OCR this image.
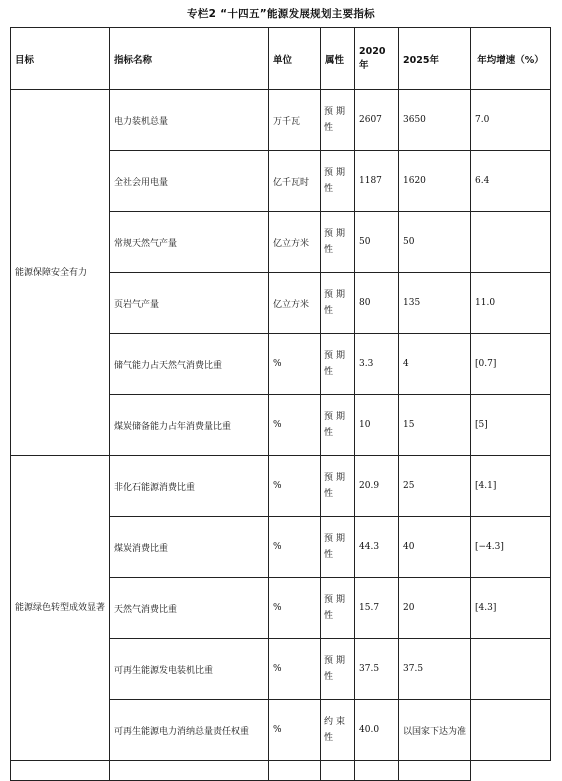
专栏2 “十四五”能源发展规划主要指标
目标	指标名称	单位	属性	2020年	2025年	年均增速（%）
能源保障安全有力	电力装机总量	万千瓦	预期性	2607	3650	7.0
	全社会用电量	亿千瓦时	预期性	1187	1620	6.4
	常规天然气产量	亿立方米	预期性	50	50	
	页岩气产量	亿立方米	预期性	80	135	11.0
	储气能力占天然气消费比重	%	预期性	3.3	4	[0.7]
	煤炭储备能力占年消费量比重	%	预期性	10	15	[5]
能源绿色转型成效显著	非化石能源消费比重	%	预期性	20.9	25	[4.1]
	煤炭消费比重	%	预期性	44.3	40	[−4.3]
	天然气消费比重	%	预期性	15.7	20	[4.3]
	可再生能源发电装机比重	%	预期性	37.5	37.5	
	可再生能源电力消纳总量责任权重	%	约束性	40.0	以国家下达为准	
